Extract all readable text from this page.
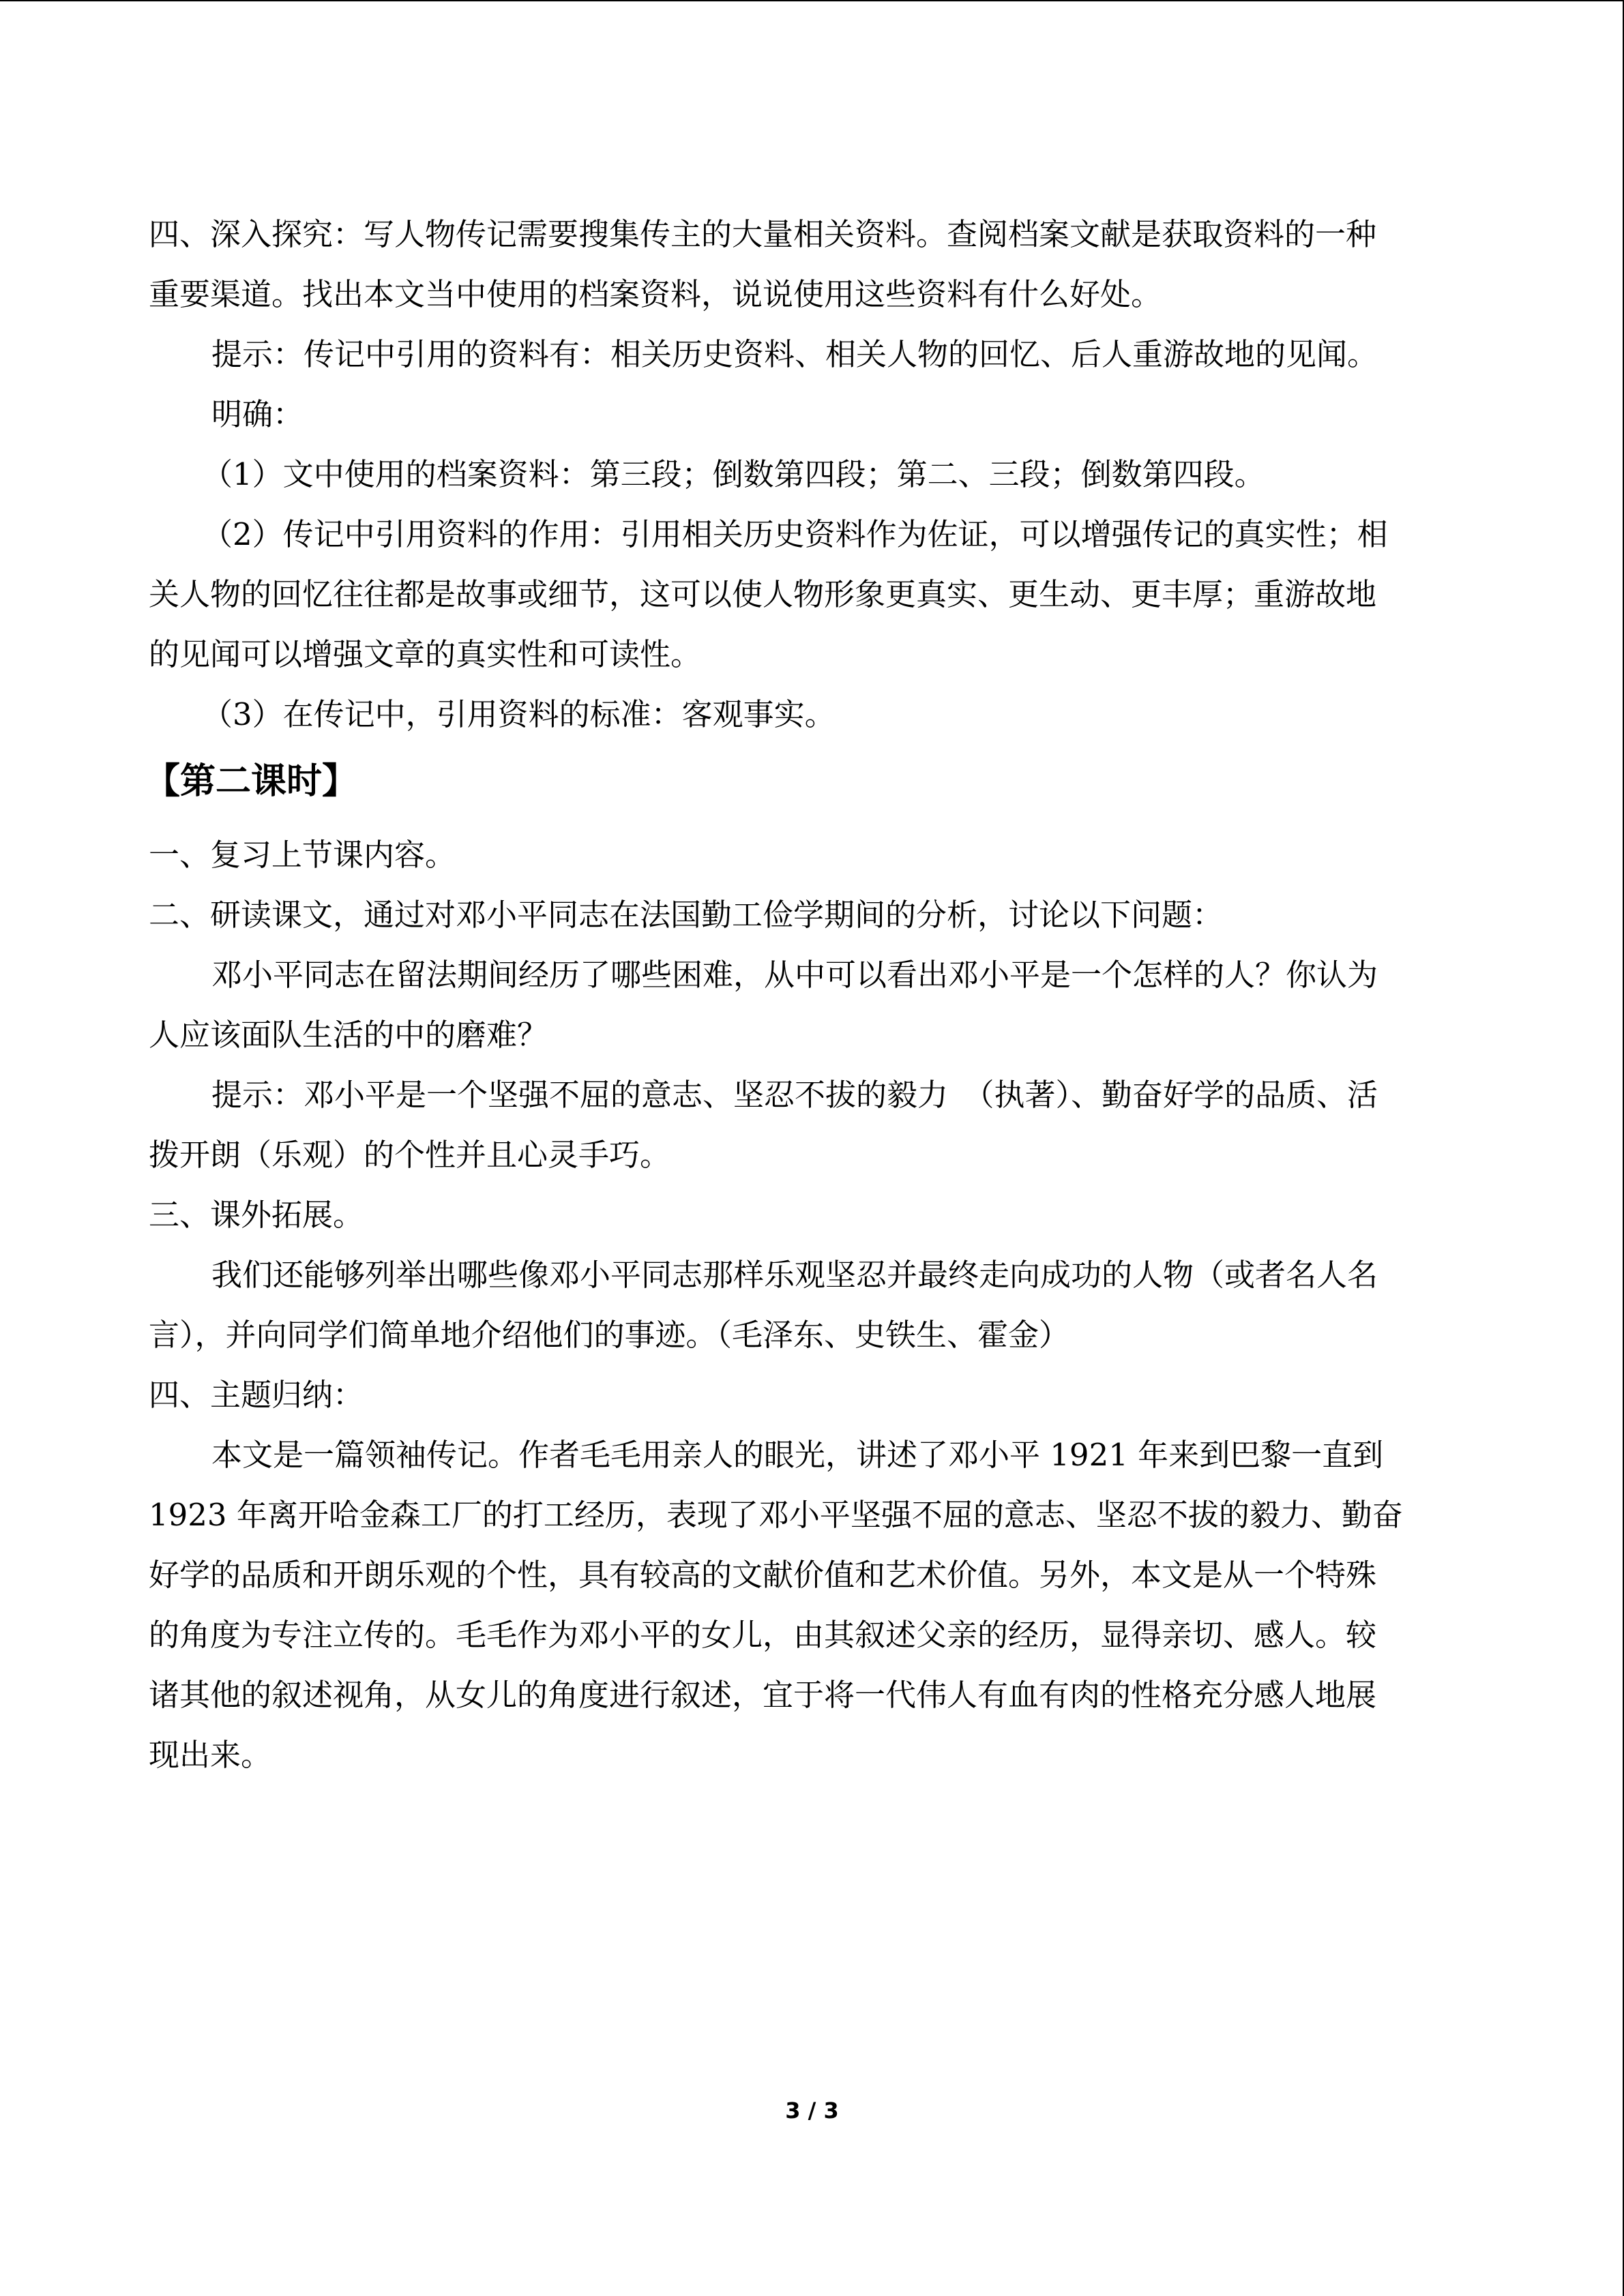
四、深入探究：写人物传记需要搜集传主的大量相关资料。查阅档案文献是获取资料的一种

重要渠道。找出本文当中使用的档案资料，说说使用这些资料有什么好处。

提示：传记中引用的资料有：相关历史资料、相关人物的回忆、后人重游故地的见闻。

明确：

（1）文中使用的档案资料：第三段；倒数第四段；第二、三段；倒数第四段。

（2）传记中引用资料的作用：引用相关历史资料作为佐证，可以增强传记的真实性；相

关人物的回忆往往都是故事或细节，这可以使人物形象更真实、更生动、更丰厚；重游故地

的见闻可以增强文章的真实性和可读性。

（3）在传记中，引用资料的标准：客观事实。

【第二课时】

一、复习上节课内容。

二、研读课文，通过对邓小平同志在法国勤工俭学期间的分析，讨论以下问题：

邓小平同志在留法期间经历了哪些困难，从中可以看出邓小平是一个怎样的人？你认为

人应该面队生活的中的磨难？

提示：邓小平是一个坚强不屈的意志、坚忍不拔的毅力　（执著）、勤奋好学的品质、活

拨开朗（乐观）的个性并且心灵手巧。

三、课外拓展。

我们还能够列举出哪些像邓小平同志那样乐观坚忍并最终走向成功的人物（或者名人名

言），并向同学们简单地介绍他们的事迹。（毛泽东、史铁生、霍金）

四、主题归纳：

本文是一篇领袖传记。作者毛毛用亲人的眼光，讲述了邓小平 1921 年来到巴黎一直到

1923 年离开哈金森工厂的打工经历，表现了邓小平坚强不屈的意志、坚忍不拔的毅力、勤奋

好学的品质和开朗乐观的个性，具有较高的文献价值和艺术价值。另外，本文是从一个特殊

的角度为专注立传的。毛毛作为邓小平的女儿，由其叙述父亲的经历，显得亲切、感人。较

诸其他的叙述视角，从女儿的角度进行叙述，宜于将一代伟人有血有肉的性格充分感人地展

现出来。

3 / 3
